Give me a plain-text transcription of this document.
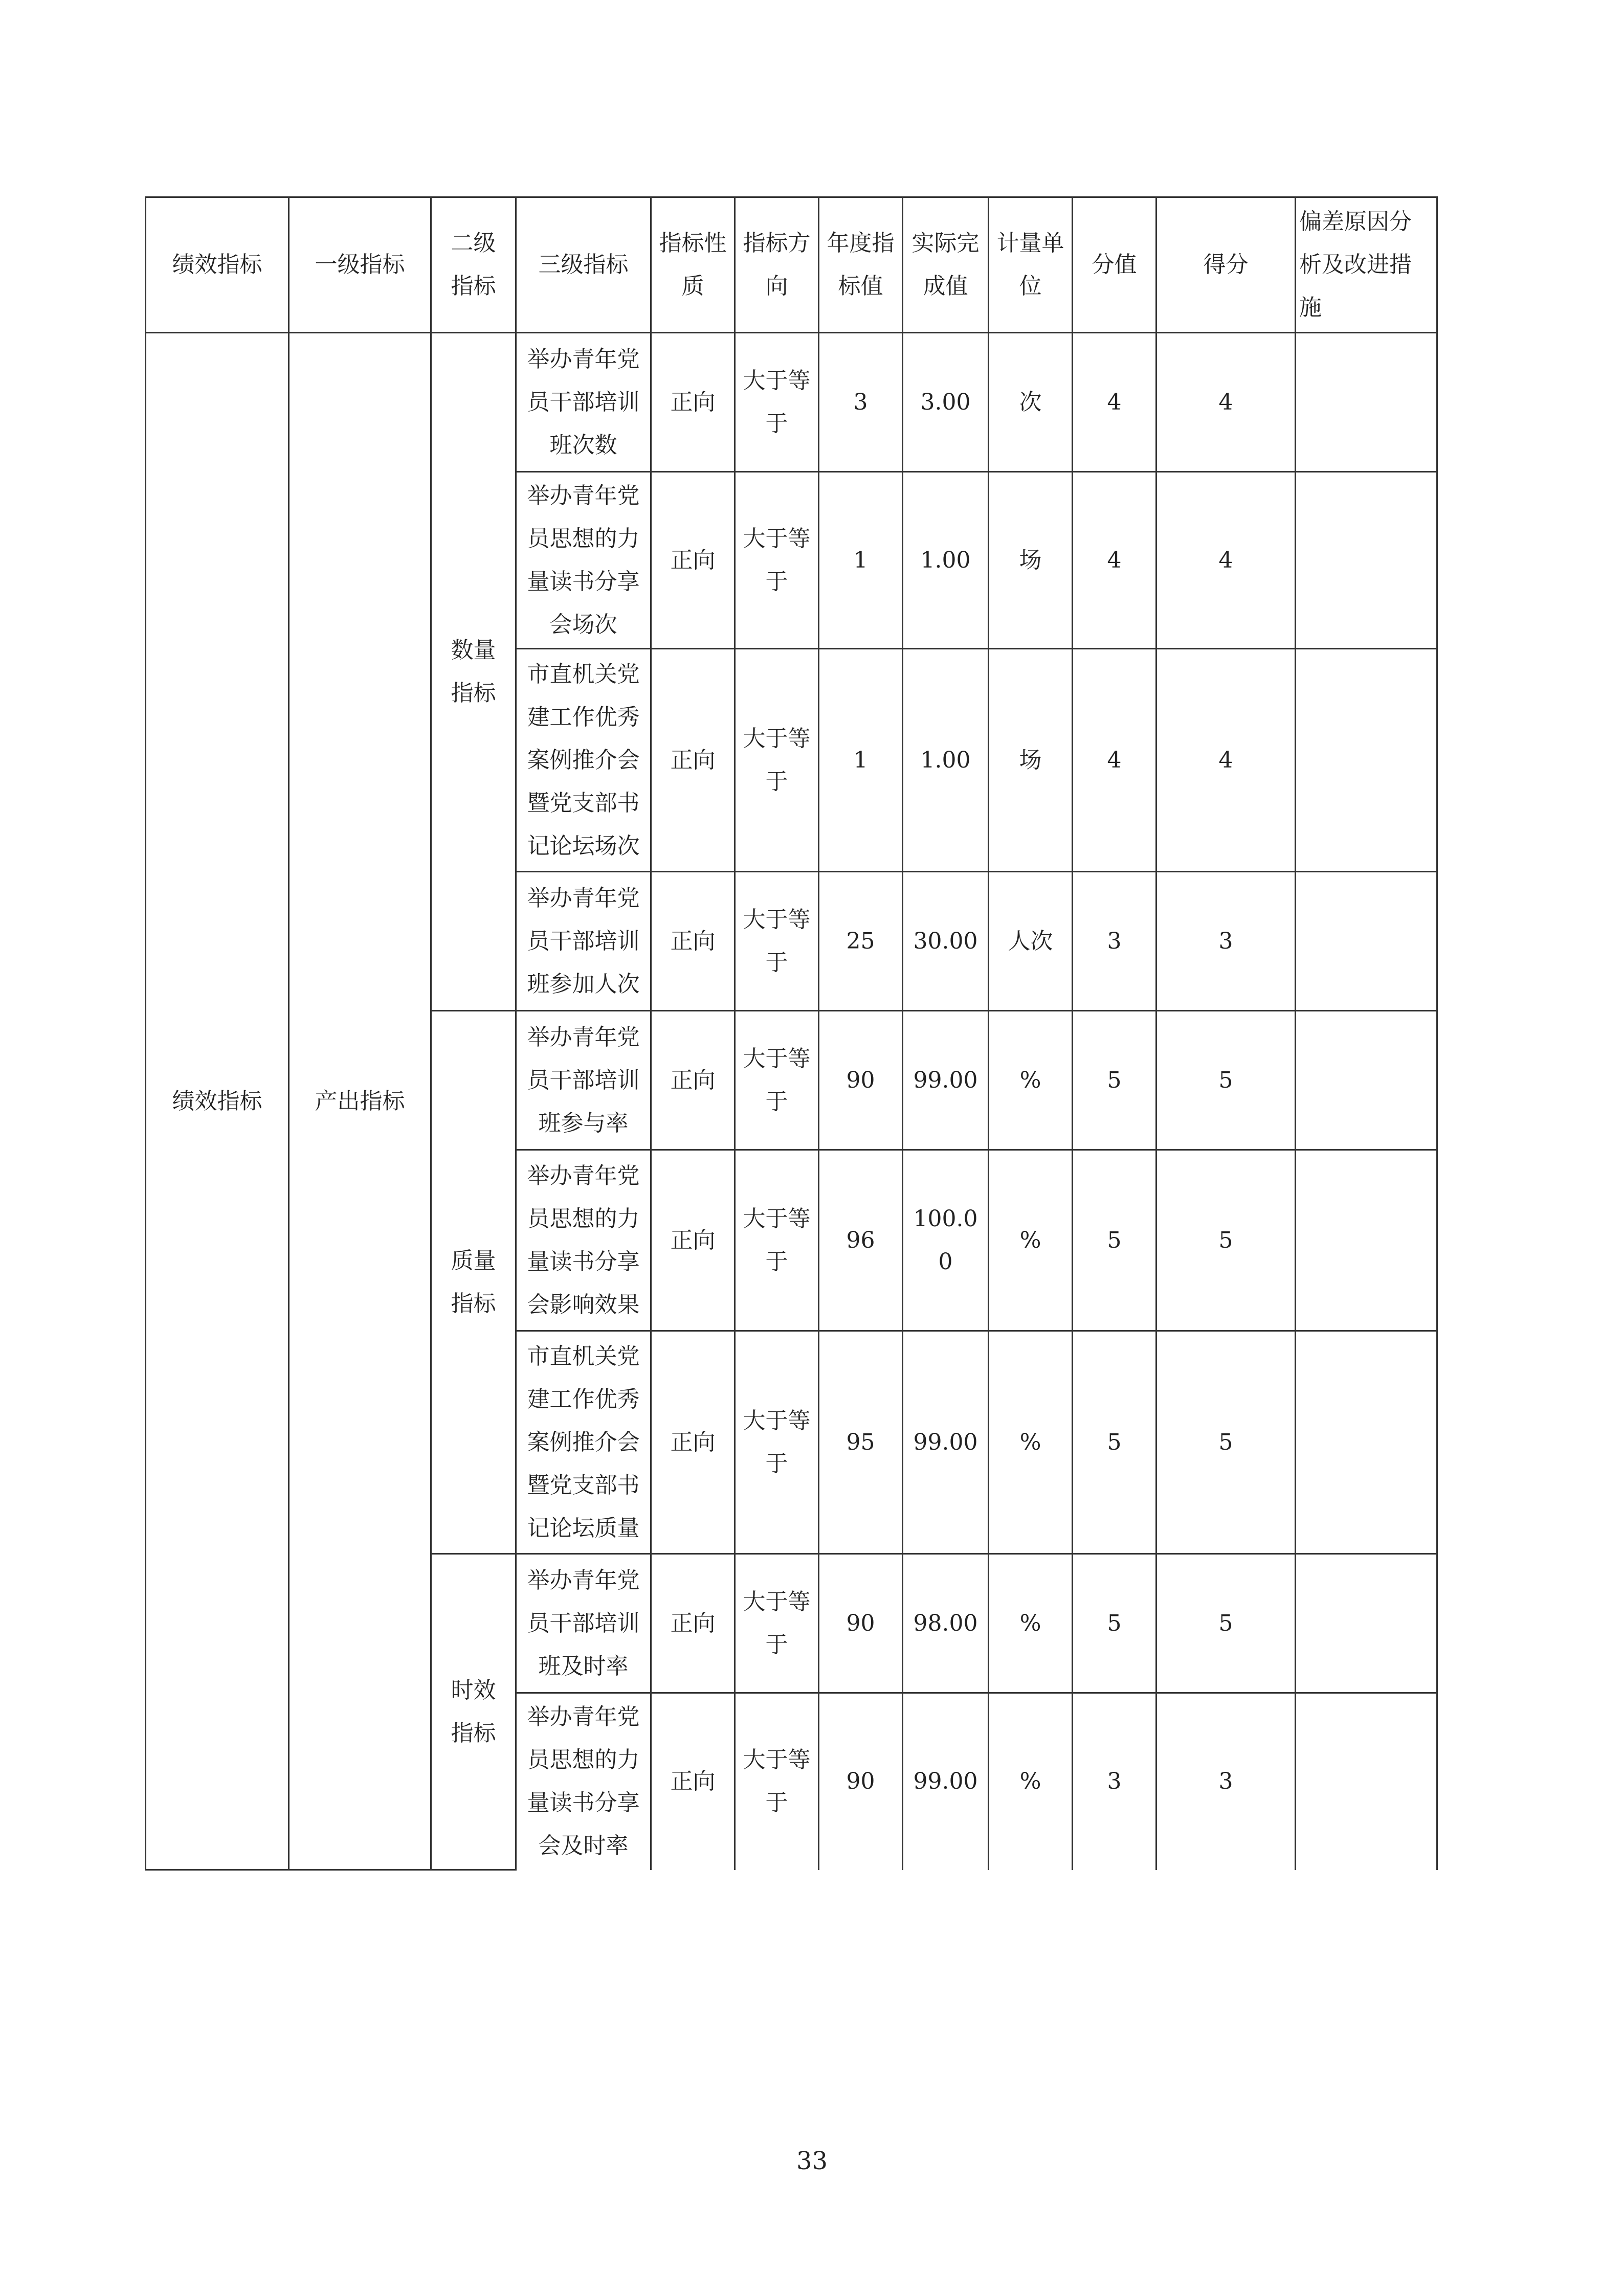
绩效指标	一级指标	二级指标	三级指标	指标性质	指标方向	年度指标值	实际完成值	计量单位	分值	得分	偏差原因分析及改进措施
绩效指标	产出指标	数量指标	举办青年党员干部培训班次数	正向	大于等于	3	3.00	次	4	4	
			举办青年党员思想的力量读书分享会场次	正向	大于等于	1	1.00	场	4	4	
			市直机关党建工作优秀案例推介会暨党支部书记论坛场次	正向	大于等于	1	1.00	场	4	4	
			举办青年党员干部培训班参加人次	正向	大于等于	25	30.00	人次	3	3	
		质量指标	举办青年党员干部培训班参与率	正向	大于等于	90	99.00	%	5	5	
			举办青年党员思想的力量读书分享会影响效果	正向	大于等于	96	100.00	%	5	5	
			市直机关党建工作优秀案例推介会暨党支部书记论坛质量	正向	大于等于	95	99.00	%	5	5	
		时效指标	举办青年党员干部培训班及时率	正向	大于等于	90	98.00	%	5	5	
			举办青年党员思想的力量读书分享会及时率	正向	大于等于	90	99.00	%	3	3	
33
